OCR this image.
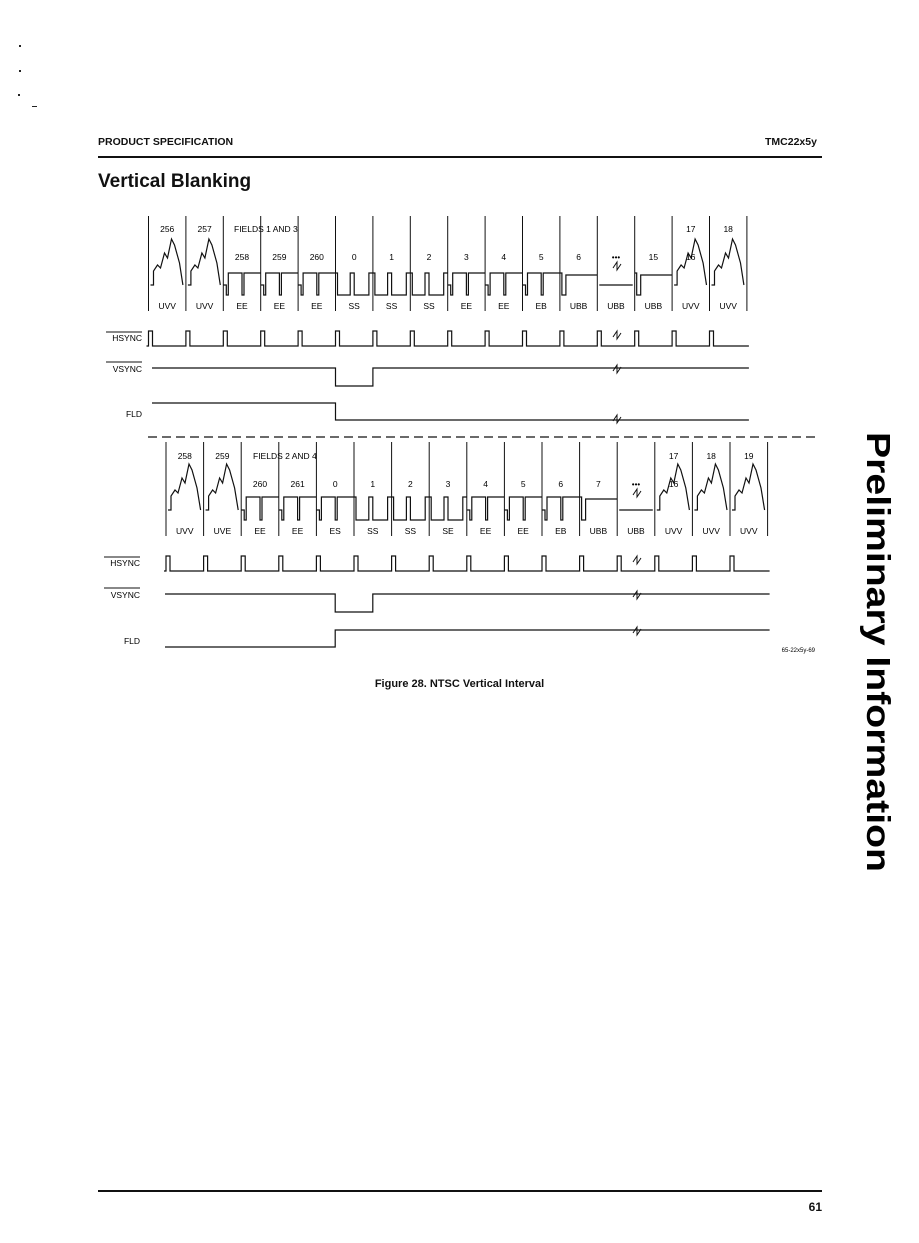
PRODUCT SPECIFICATION	TMC22x5y
Vertical Blanking
FIELDS 1 AND 3
256	257	17	18
258	259	260	0	1	2	3	4	5	6	15	16
•••
UVV UVV	EE	EE	EE	SS	SS	SS	EE	EE	EB	UBB UBB UBB UVV UVV
HSYNC
VSYNC
FLD
FIELDS 2 AND 4
258	259	17	18	19
260	261	0	1	2	3	4	5	6	7	16
•••
UVV UVE	EE	EE	ES	SS	SS	SE	EE	EE	EB	UBB UBB UVV UVV UVV
HSYNC
VSYNC
FLD
65-22x5y-69
Figure 28. NTSC Vertical Interval	Preliminary Information
61
